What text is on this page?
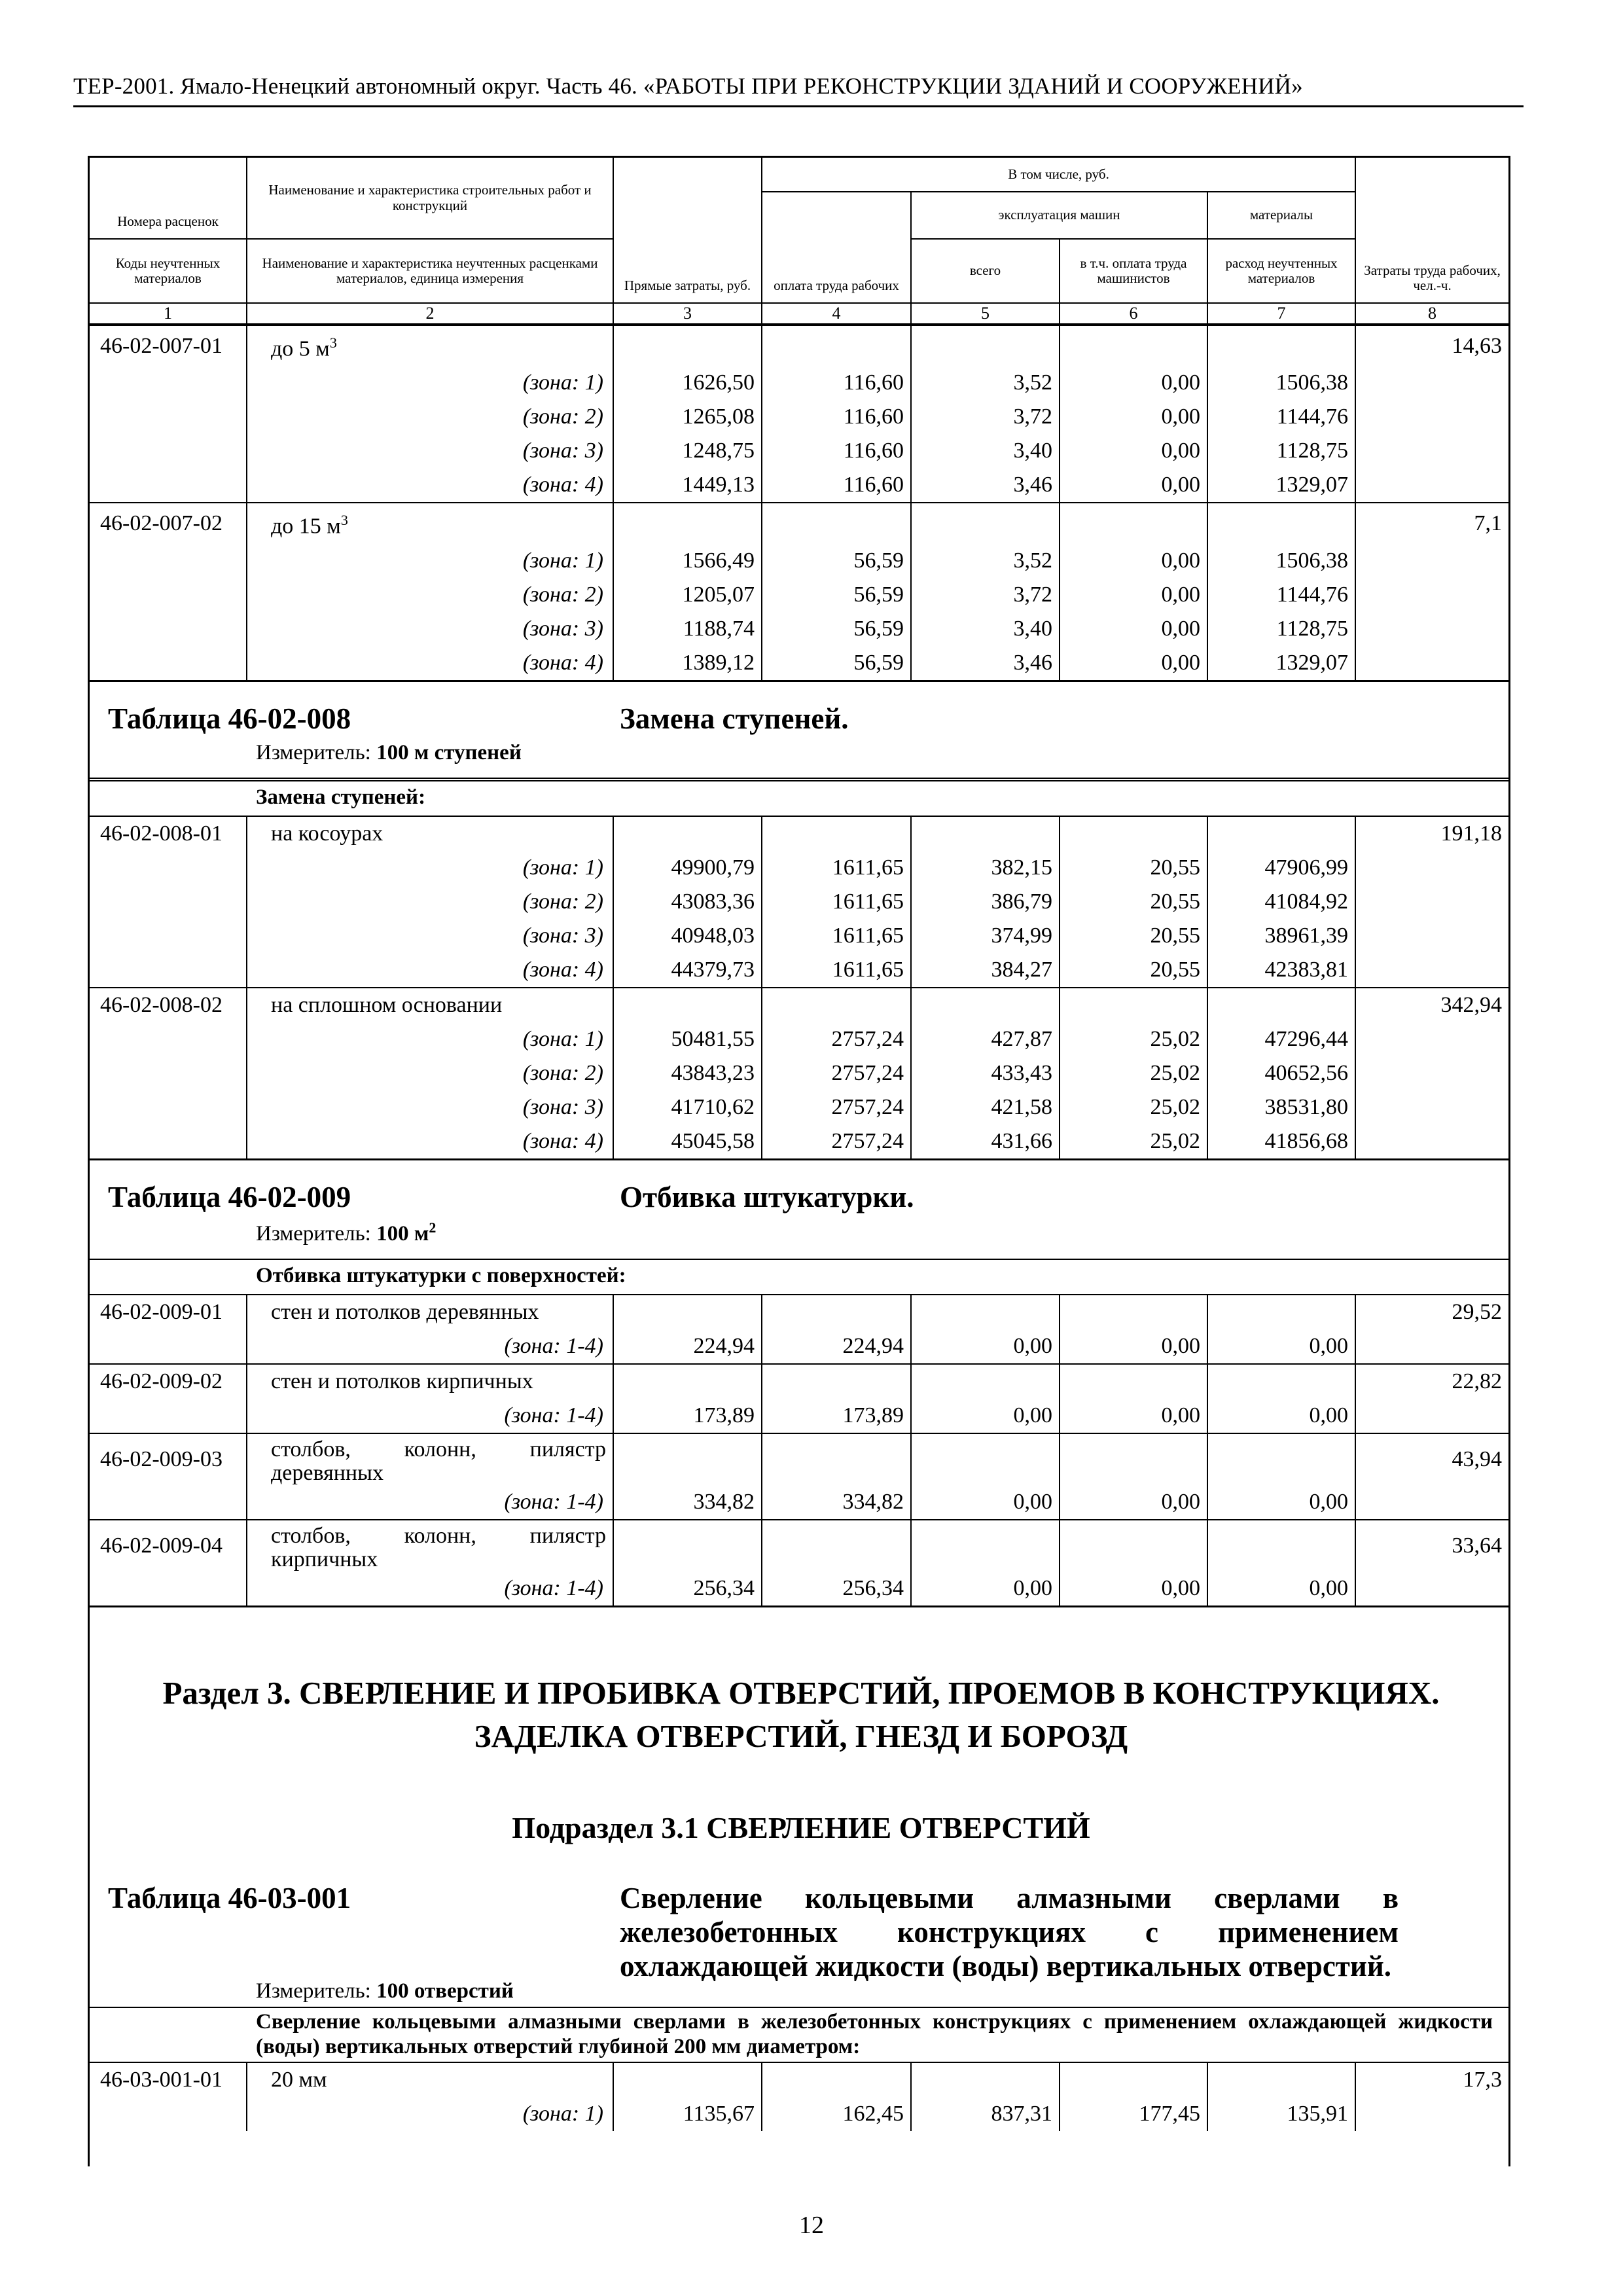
ТЕР-2001. Ямало-Ненецкий автономный округ. Часть 46. «РАБОТЫ ПРИ РЕКОНСТРУКЦИИ ЗДАНИЙ И СООРУЖЕНИЙ»
Номера расценок	Наименование и характеристика строительных работ и конструкций	Прямые затраты, руб.	В том числе, руб.				Затраты труда рабочих, чел.-ч.
			оплата труда рабочих	эксплуатация машин		материалы	

Коды неучтенных материалов	Наименование и характеристика неучтенных расценками материалов, единица измерения			всего	в т.ч. оплата труда машинистов	расход неучтенных материалов	

1	2	3	4	5	6	7	8
46-02-007-01	до 5 $м^3$						14,63
	(зона: 1)	1626,50	116,60	3,52	0,00	1506,38	
	(зона: 2)	1265,08	116,60	3,72	0,00	1144,76	
	(зона: 3)	1248,75	116,60	3,40	0,00	1128,75	
	(зона: 4)	1449,13	116,60	3,46	0,00	1329,07	
46-02-007-02	до 15 $м^3$						7,1
	(зона: 1)	1566,49	56,59	3,52	0,00	1506,38	
	(зона: 2)	1205,07	56,59	3,72	0,00	1144,76	
	(зона: 3)	1188,74	56,59	3,40	0,00	1128,75	
	(зона: 4)	1389,12	56,59	3,46	0,00	1329,07	
Таблица 46-02-008	Замена ступеней.
Измеритель: 100 м ступеней
Замена ступеней:
46-02-008-01	на косоурах						191,18
	(зона: 1)	49900,79	1611,65	382,15	20,55	47906,99	
	(зона: 2)	43083,36	1611,65	386,79	20,55	41084,92	
	(зона: 3)	40948,03	1611,65	374,99	20,55	38961,39	
	(зона: 4)	44379,73	1611,65	384,27	20,55	42383,81	
46-02-008-02	на сплошном основании						342,94
	(зона: 1)	50481,55	2757,24	427,87	25,02	47296,44	
	(зона: 2)	43843,23	2757,24	433,43	25,02	40652,56	
	(зона: 3)	41710,62	2757,24	421,58	25,02	38531,80	
	(зона: 4)	45045,58	2757,24	431,66	25,02	41856,68	
Таблица 46-02-009	Отбивка штукатурки.
Измеритель: 100 $м^2$
Отбивка штукатурки с поверхностей:
46-02-009-01	стен и потолков деревянных						29,52
	(зона: 1-4)	224,94	224,94	0,00	0,00	0,00	
46-02-009-02	стен и потолков кирпичных						22,82
	(зона: 1-4)	173,89	173,89	0,00	0,00	0,00	
46-02-009-03	столбов, колонн, пилястр деревянных						43,94
	(зона: 1-4)	334,82	334,82	0,00	0,00	0,00	
46-02-009-04	столбов, колонн, пилястр кирпичных						33,64
	(зона: 1-4)	256,34	256,34	0,00	0,00	0,00	
Раздел 3. СВЕРЛЕНИЕ И ПРОБИВКА ОТВЕРСТИЙ, ПРОЕМОВ В КОНСТРУКЦИЯХ.
ЗАДЕЛКА ОТВЕРСТИЙ, ГНЕЗД И БОРОЗД
Подраздел 3.1 СВЕРЛЕНИЕ ОТВЕРСТИЙ
Таблица 46-03-001	Сверление кольцевыми алмазными сверлами в железобетонных конструкциях с применением охлаждающей жидкости (воды) вертикальных отверстий.
Измеритель: 100 отверстий
Сверление кольцевыми алмазными сверлами в железобетонных конструкциях с применением охлаждающей жидкости (воды) вертикальных отверстий глубиной 200 мм диаметром:
46-03-001-01	20 мм						17,3
	(зона: 1)	1135,67	162,45	837,31	177,45	135,91	
12
